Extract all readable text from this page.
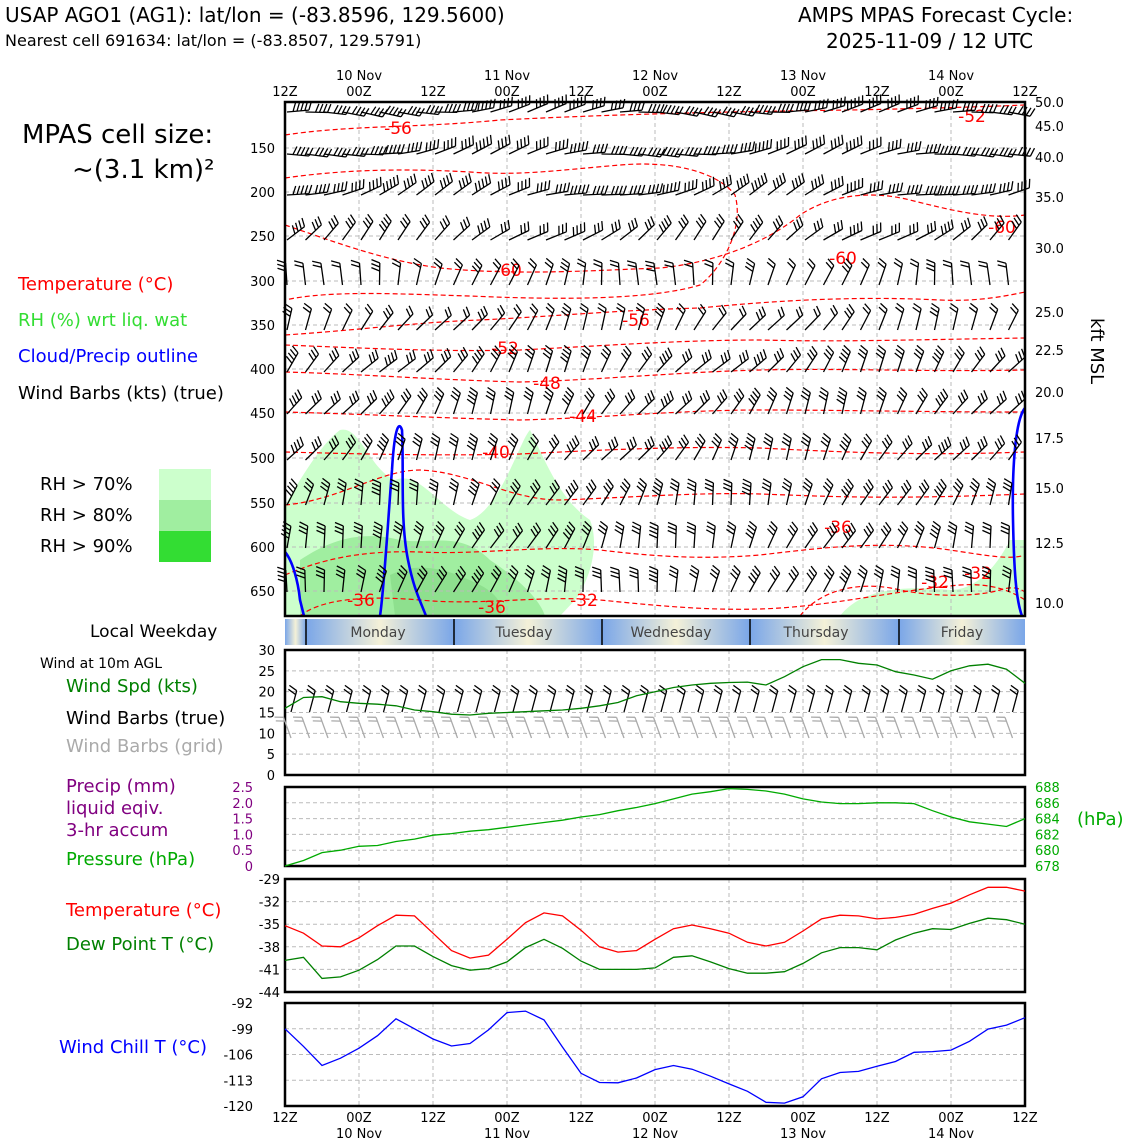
USAP AGO1 (AG1): lat/lon = (-83.8596, 129.5600)
Nearest cell 691634: lat/lon = (-83.8507, 129.5791)
AMPS MPAS Forecast Cycle:
2025-11-09 / 12 UTC
MPAS cell size:
~(3.1 km)²
Temperature (°C)
RH (%) wrt liq. wat
Cloud/Precip outline
Wind Barbs (kts) (true)
RH > 70%
RH > 80%
RH > 90%
Local Weekday
Wind at 10m AGL
Wind Spd (kts)
Wind Barbs (true)
Wind Barbs (grid)
Precip (mm)
liquid eqiv.
3-hr accum
Pressure (hPa)
Temperature (°C)
Dew Point T (°C)
Wind Chill T (°C)
(hPa)
kft MSL
150
200
250
300
350
400
450
500
550
600
650
50.0
45.0
40.0
35.0
30.0
25.0
22.5
20.0
17.5
15.0
12.5
10.0
-56
-52
-60
-60
-60
-56
-52
-48
-44
-40
-36
-36	-36	-32
-32 -32
Monday	Tuesday	Wednesday	Thursday	Friday
30
25
20
15
10
5
0
2.5
2.0
1.5
1.0
0.5
0
688
686
684
682
680
678
-29
-32
-35
-38
-41
-44
-92
-99
-106
-113
-120
12Z
12Z
00Z
00Z
12Z
12Z
00Z
00Z
12Z
12Z
00Z
00Z
12Z
12Z
00Z
00Z
12Z
12Z
00Z
00Z
12Z
12Z
10 Nov
10 Nov
11 Nov
11 Nov
12 Nov
12 Nov
13 Nov
13 Nov
14 Nov
14 Nov
